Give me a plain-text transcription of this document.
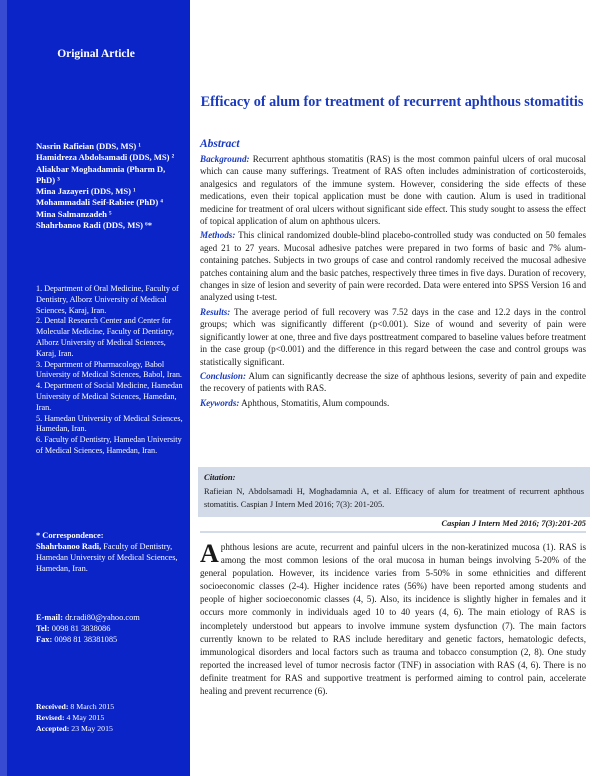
Original Article
Nasrin Rafieian (DDS, MS) ¹
Hamidreza Abdolsamadi (DDS, MS) ²
Aliakbar Moghadamnia (Pharm D, PhD) ³
Mina Jazayeri (DDS, MS) ¹
Mohammadali Seif-Rabiee (PhD) ⁴
Mina Salmanzadeh ⁵
Shahrbanoo Radi (DDS, MS) ⁶*
1. Department of Oral Medicine, Faculty of Dentistry, Alborz University of Medical Sciences, Karaj, Iran.
2. Dental Research Center and Center for Molecular Medicine, Faculty of Dentistry, Alborz University of Medical Sciences, Karaj, Iran.
3. Department of Pharmacology, Babol University of Medical Sciences, Babol, Iran.
4. Department of Social Medicine, Hamedan University of Medical Sciences, Hamedan, Iran.
5. Hamedan University of Medical Sciences, Hamedan, Iran.
6. Faculty of Dentistry, Hamedan University of Medical Sciences, Hamedan, Iran.
* Correspondence:
Shahrbanoo Radi, Faculty of Dentistry, Hamedan University of Medical Sciences, Hamedan, Iran.
E-mail: dr.radi80@yahoo.com
Tel: 0098 81 3838086
Fax: 0098 81 38381085
Received: 8 March 2015
Revised: 4 May 2015
Accepted: 23 May 2015
Efficacy of alum for treatment of recurrent aphthous stomatitis
Abstract

Background: Recurrent aphthous stomatitis (RAS) is the most common painful ulcers of oral mucosal which can cause many sufferings. Treatment of RAS often includes administration of corticosteroids, analgesics and regulators of the immune system. However, considering the side effects of these medications, even their topical application must be done with caution. Alum is used in traditional medicine for treatment of oral ulcers without significant side effect. This study sought to assess the effect of topical application of alum on aphthous ulcers.

Methods: This clinical randomized double-blind placebo-controlled study was conducted on 50 females aged 21 to 27 years. Mucosal adhesive patches were prepared in two forms of basic and 7% alum-containing patches. Subjects in two groups of case and control randomly received the mucosal adhesive patches containing alum and the basic patches, respectively three times in five days. Duration of recovery, changes in size of lesion and severity of pain were recorded. Data were entered into SPSS Version 16 and analyzed using t-test.

Results: The average period of full recovery was 7.52 days in the case and 12.2 days in the control groups; which was significantly different (p<0.001). Size of wound and severity of pain were significantly lower at one, three and five days posttreatment compared to baseline values before treatment in the case group (p<0.001) and the difference in this regard between the case and control groups was statistically significant.

Conclusion: Alum can significantly decrease the size of aphthous lesions, severity of pain and expedite the recovery of patients with RAS.

Keywords: Aphthous, Stomatitis, Alum compounds.

Citation:
Rafieian N, Abdolsamadi H, Moghadamnia A, et al. Efficacy of alum for treatment of recurrent aphthous stomatitis. Caspian J Intern Med 2016; 7(3): 201-205.
Caspian J Intern Med 2016; 7(3):201-205
Aphthous lesions are acute, recurrent and painful ulcers in the non-keratinized mucosa (1). RAS is among the most common lesions of the oral mucosa in human beings involving 5-20% of the general population. However, its incidence varies from 5-50% in some ethnicities and different socioeconomic classes (2-4). Higher incidence rates (56%) have been reported among students and people of higher socioeconomic classes (4, 5). Also, its incidence is slightly higher in females and it occurs more commonly in individuals aged 10 to 40 years (4, 6). The main etiology of RAS is incompletely understood but appears to involve immune system dysfunction (7). The main factors currently known to be related to RAS include hereditary and genetic factors, hematologic defects, immunological disorders and local factors such as trauma and tobacco consumption (2, 8). One study reported the increased level of tumor necrosis factor (TNF) in association with RAS (4, 6). There is no definite treatment for RAS and supportive treatment is performed aiming to control pain, accelerate healing and prevent recurrence (6).
